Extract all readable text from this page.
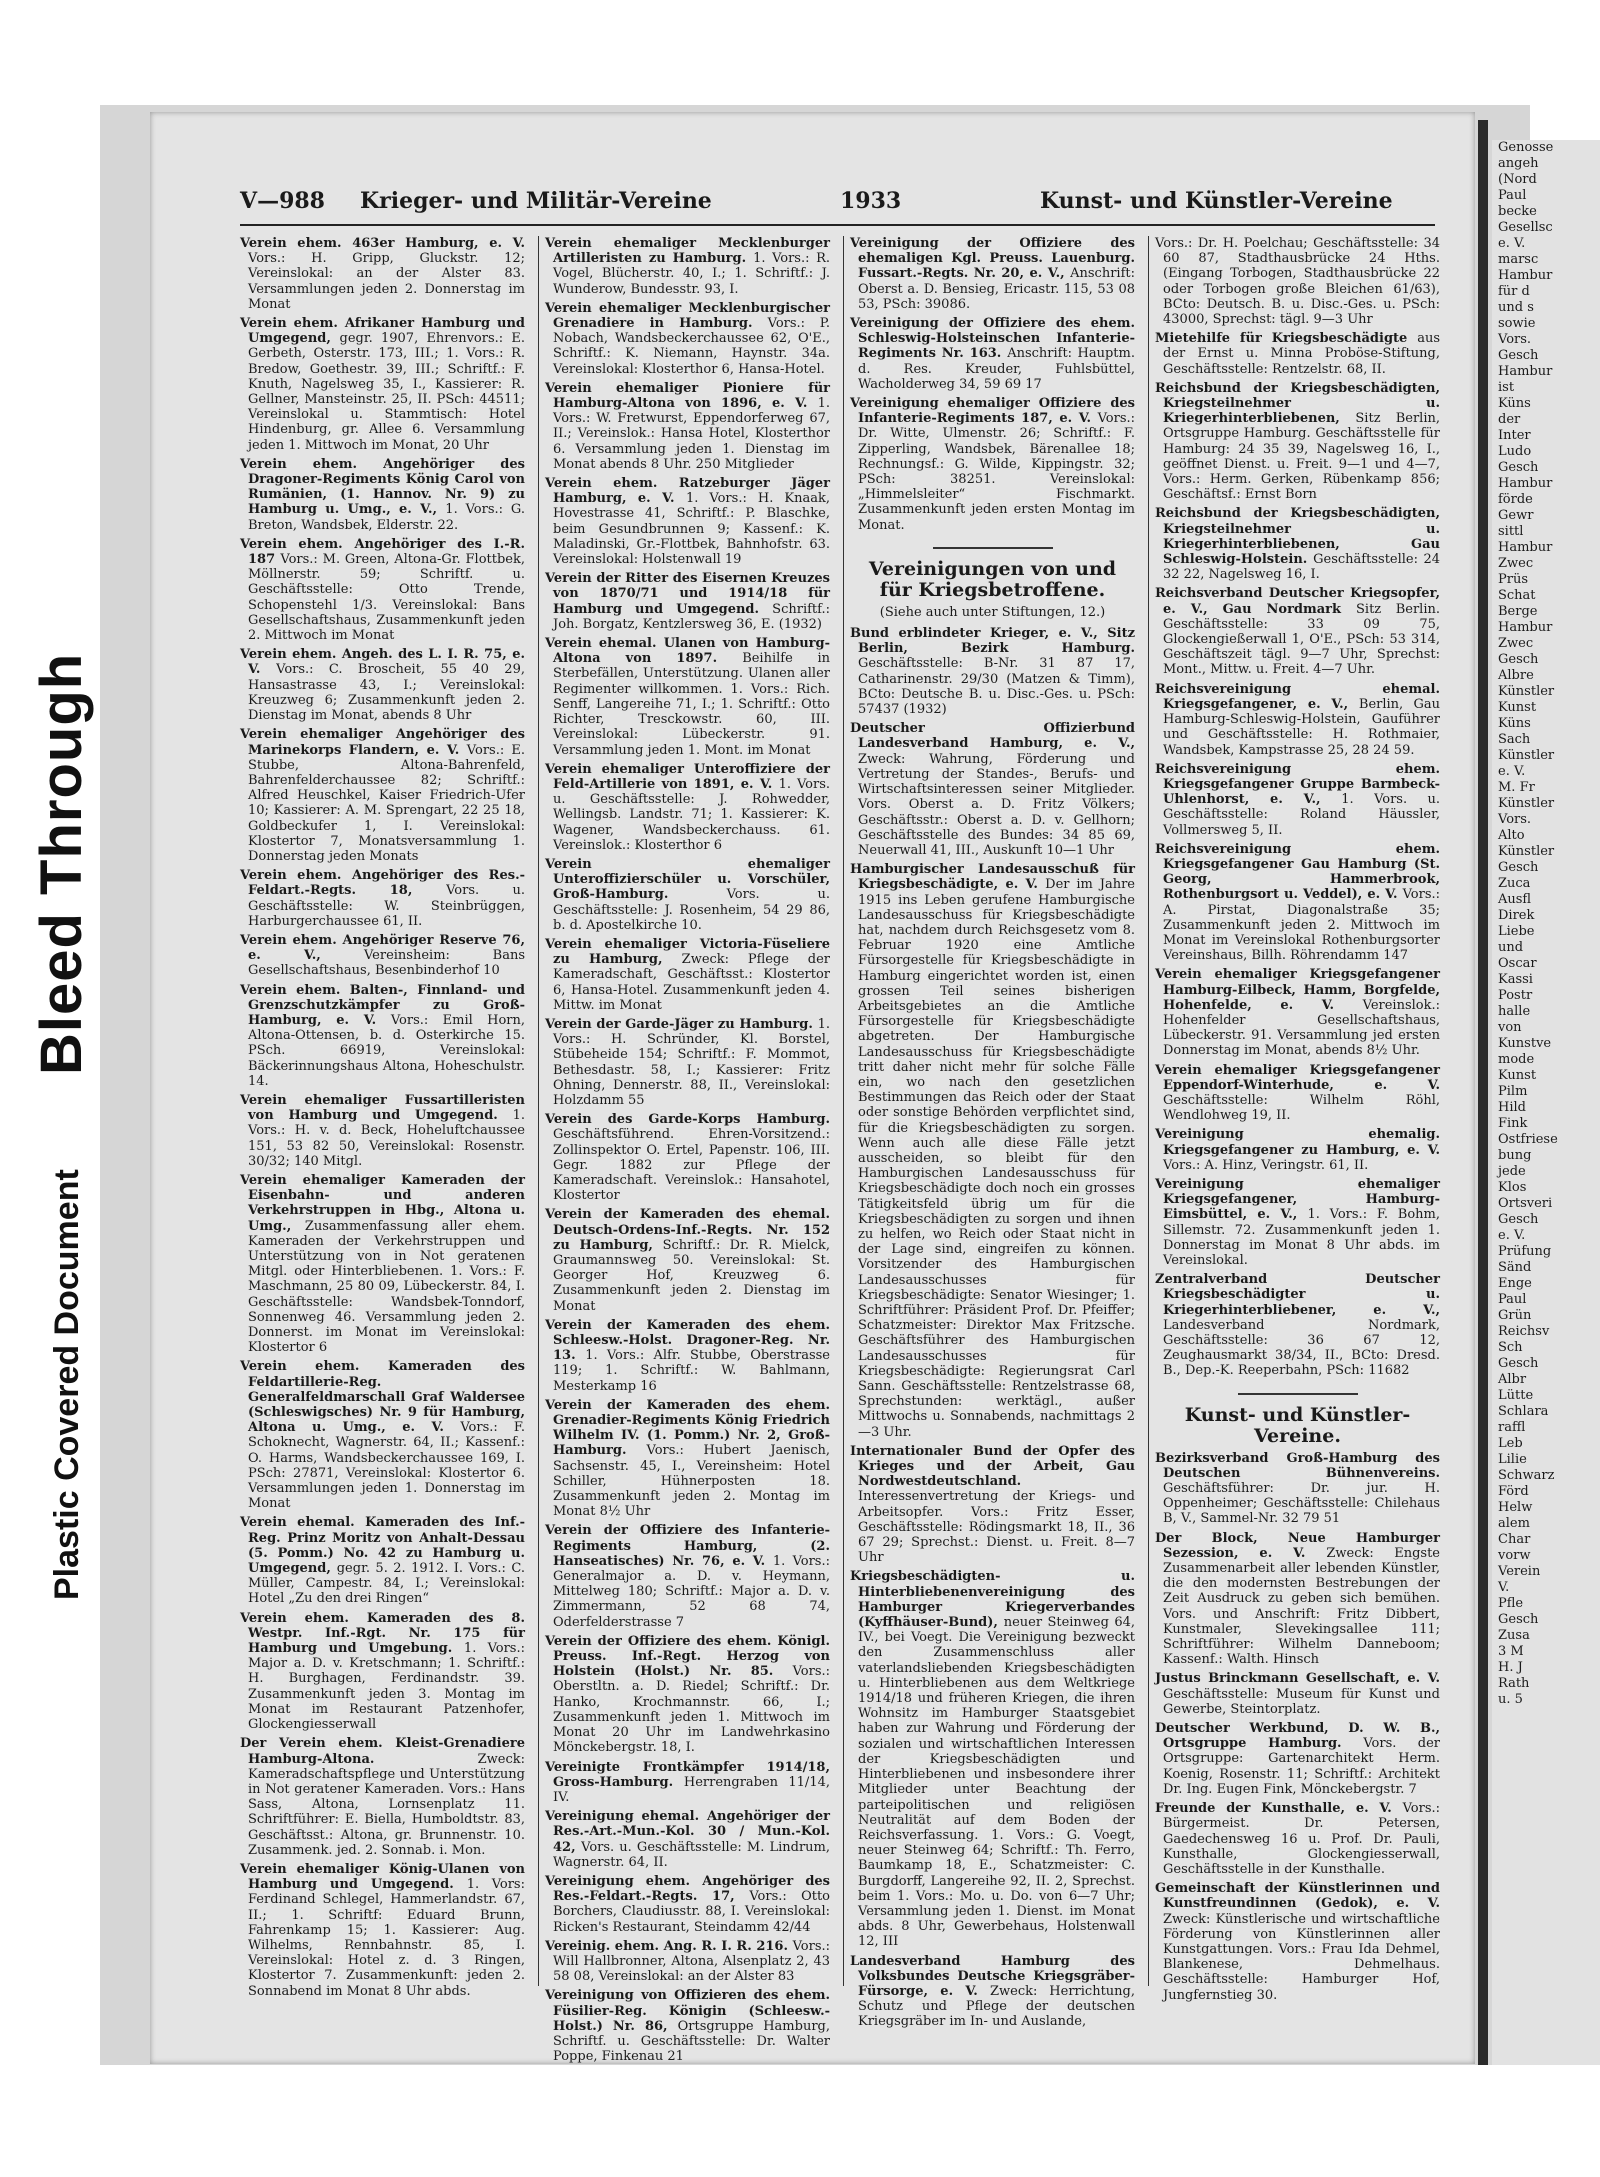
Bleed Through
Plastic Covered Document
Genosse
angeh
(Nord
Paul
becke
Gesellsc
e. V.
marsc
Hambur
für d
und s
sowie
Vors.
Gesch
Hambur
ist
Küns
der
Inter
Ludo
Gesch
Hambur
förde
Gewr
sittl
Hambur
Zwec
Prüs
Schat
Berge
Hambur
Zwec
Gesch
Albre
Künstler
Kunst
Küns
Sach
Künstler
e. V.
M. Fr
Künstler
Vors.
Alto
Künstler
Gesch
Zuca
Ausfl
Direk
Liebe
und
Oscar
Kassi
Postr
halle
von
Kunstve
mode
Kunst
Pilm
Hild
Fink
Ostfriese
bung
jede
Klos
Ortsveri
Gesch
e. V.
Prüfung
Sänd
Enge
Paul
Grün
Reichsv
Sch
Gesch
Albr
Lütte
Schlara
raffl
Leb
Lilie
Schwarz
Förd
Helw
alem
Char
vorw
Verein
V.
Pfle
Gesch
Zusa
3 M
H. J
Rath
u. 5
V—988 Krieger- und Militär-Vereine	1933	Kunst- und Künstler-Vereine
Verein ehem. 463er Hamburg, e. V. Vors.: H. Gripp, Gluckstr. 12; Vereinslokal: an der Alster 83. Versammlungen jeden 2. Donnerstag im Monat
Verein ehem. Afrikaner Hamburg und Umgegend, gegr. 1907, Ehrenvors.: E. Gerbeth, Osterstr. 173, III.; 1. Vors.: R. Bredow, Goethestr. 39, III.; Schriftf.: F. Knuth, Nagelsweg 35, I., Kassierer: R. Gellner, Mansteinstr. 25, II. PSch: 44511; Vereinslokal u. Stammtisch: Hotel Hindenburg, gr. Allee 6. Versammlung jeden 1. Mittwoch im Monat, 20 Uhr
Verein ehem. Angehöriger des Dragoner-Regiments König Carol von Rumänien, (1. Hannov. Nr. 9) zu Hamburg u. Umg., e. V., 1. Vors.: G. Breton, Wandsbek, Elderstr. 22.
Verein ehem. Angehöriger des I.-R. 187 Vors.: M. Green, Altona-Gr. Flottbek, Möllnerstr. 59; Schriftf. u. Geschäftsstelle: Otto Trende, Schopenstehl 1/3. Vereinslokal: Bans Gesellschaftshaus, Zusammenkunft jeden 2. Mittwoch im Monat
Verein ehem. Angeh. des L. I. R. 75, e. V. Vors.: C. Broscheit, 55 40 29, Hansastrasse 43, I.; Vereinslokal: Kreuzweg 6; Zusammenkunft jeden 2. Dienstag im Monat, abends 8 Uhr
Verein ehemaliger Angehöriger des Marinekorps Flandern, e. V. Vors.: E. Stubbe, Altona-Bahrenfeld, Bahrenfelderchaussee 82; Schriftf.: Alfred Heuschkel, Kaiser Friedrich-Ufer 10; Kassierer: A. M. Sprengart, 22 25 18, Goldbeckufer 1, I. Vereinslokal: Klostertor 7, Monatsversammlung 1. Donnerstag jeden Monats
Verein ehem. Angehöriger des Res.-Feldart.-Regts. 18, Vors. u. Geschäftsstelle: W. Steinbrüggen, Harburgerchaussee 61, II.
Verein ehem. Angehöriger Reserve 76, e. V., Vereinsheim: Bans Gesellschaftshaus, Besenbinderhof 10
Verein ehem. Balten-, Finnland- und Grenzschutzkämpfer zu Groß-Hamburg, e. V. Vors.: Emil Horn, Altona-Ottensen, b. d. Osterkirche 15. PSch. 66919, Vereinslokal: Bäckerinnungshaus Altona, Hoheschulstr. 14.
Verein ehemaliger Fussartilleristen von Hamburg und Umgegend. 1. Vors.: H. v. d. Beck, Hoheluftchaussee 151, 53 82 50, Vereinslokal: Rosenstr. 30/32; 140 Mitgl.
Verein ehemaliger Kameraden der Eisenbahn- und anderen Verkehrstruppen in Hbg., Altona u. Umg., Zusammenfassung aller ehem. Kameraden der Verkehrstruppen und Unterstützung von in Not geratenen Mitgl. oder Hinterbliebenen. 1. Vors.: F. Maschmann, 25 80 09, Lübeckerstr. 84, I. Geschäftsstelle: Wandsbek-Tonndorf, Sonnenweg 46. Versammlung jeden 2. Donnerst. im Monat im Vereinslokal: Klostertor 6
Verein ehem. Kameraden des Feldartillerie-Reg. Generalfeldmarschall Graf Waldersee (Schleswigsches) Nr. 9 für Hamburg, Altona u. Umg., e. V. Vors.: F. Schoknecht, Wagnerstr. 64, II.; Kassenf.: O. Harms, Wandsbeckerchaussee 169, I. PSch: 27871, Vereinslokal: Klostertor 6. Versammlungen jeden 1. Donnerstag im Monat
Verein ehemal. Kameraden des Inf.-Reg. Prinz Moritz von Anhalt-Dessau (5. Pomm.) No. 42 zu Hamburg u. Umgegend, gegr. 5. 2. 1912. I. Vors.: C. Müller, Campestr. 84, I.; Vereinslokal: Hotel „Zu den drei Ringen“
Verein ehem. Kameraden des 8. Westpr. Inf.-Rgt. Nr. 175 für Hamburg und Umgebung. 1. Vors.: Major a. D. v. Kretschmann; 1. Schriftf.: H. Burghagen, Ferdinandstr. 39. Zusammenkunft jeden 3. Montag im Monat im Restaurant Patzenhofer, Glockengiesserwall
Der Verein ehem. Kleist-Grenadiere Hamburg-Altona. Zweck: Kameradschaftspflege und Unterstützung in Not geratener Kameraden. Vors.: Hans Sass, Altona, Lornsenplatz 11. Schriftführer: E. Biella, Humboldtstr. 83, Geschäftsst.: Altona, gr. Brunnenstr. 10. Zusammenk. jed. 2. Sonnab. i. Mon.
Verein ehemaliger König-Ulanen von Hamburg und Umgegend. 1. Vors: Ferdinand Schlegel, Hammerlandstr. 67, II.; 1. Schriftf: Eduard Brunn, Fahrenkamp 15; 1. Kassierer: Aug. Wilhelms, Rennbahnstr. 85, I. Vereinslokal: Hotel z. d. 3 Ringen, Klostertor 7. Zusammenkunft: jeden 2. Sonnabend im Monat 8 Uhr abds.
Verein ehemaliger Mecklenburger Artilleristen zu Hamburg. 1. Vors.: R. Vogel, Blücherstr. 40, I.; 1. Schriftf.: J. Wunderow, Bundesstr. 93, I.
Verein ehemaliger Mecklenburgischer Grenadiere in Hamburg. Vors.: P. Nobach, Wandsbeckerchaussee 62, O'E., Schriftf.: K. Niemann, Haynstr. 34a. Vereinslokal: Klosterthor 6, Hansa-Hotel.
Verein ehemaliger Pioniere für Hamburg-Altona von 1896, e. V. 1. Vors.: W. Fretwurst, Eppendorferweg 67, II.; Vereinslok.: Hansa Hotel, Klosterthor 6. Versammlung jeden 1. Dienstag im Monat abends 8 Uhr. 250 Mitglieder
Verein ehem. Ratzeburger Jäger Hamburg, e. V. 1. Vors.: H. Knaak, Hovestrasse 41, Schriftf.: P. Blaschke, beim Gesundbrunnen 9; Kassenf.: K. Maladinski, Gr.-Flottbek, Bahnhofstr. 63. Vereinslokal: Holstenwall 19
Verein der Ritter des Eisernen Kreuzes von 1870/71 und 1914/18 für Hamburg und Umgegend. Schriftf.: Joh. Borgatz, Kentzlersweg 36, E. (1932)
Verein ehemal. Ulanen von Hamburg-Altona von 1897. Beihilfe in Sterbefällen, Unterstützung. Ulanen aller Regimenter willkommen. 1. Vors.: Rich. Senff, Langereihe 71, I.; 1. Schriftf.: Otto Richter, Tresckowstr. 60, III. Vereinslokal: Lübeckerstr. 91. Versammlung jeden 1. Mont. im Monat
Verein ehemaliger Unteroffiziere der Feld-Artillerie von 1891, e. V. 1. Vors. u. Geschäftsstelle: J. Rohwedder, Wellingsb. Landstr. 71; 1. Kassierer: K. Wagener, Wandsbeckerchauss. 61. Vereinslok.: Klosterthor 6
Verein ehemaliger Unteroffizierschüler u. Vorschüler, Groß-Hamburg. Vors. u. Geschäftsstelle: J. Rosenheim, 54 29 86, b. d. Apostelkirche 10.
Verein ehemaliger Victoria-Füseliere zu Hamburg, Zweck: Pflege der Kameradschaft, Geschäftsst.: Klostertor 6, Hansa-Hotel. Zusammenkunft jeden 4. Mittw. im Monat
Verein der Garde-Jäger zu Hamburg. 1. Vors.: H. Schründer, Kl. Borstel, Stübeheide 154; Schriftf.: F. Mommot, Bethesdastr. 58, I.; Kassierer: Fritz Ohning, Dennerstr. 88, II., Vereinslokal: Holzdamm 55
Verein des Garde-Korps Hamburg. Geschäftsführend. Ehren-Vorsitzend.: Zollinspektor O. Ertel, Papenstr. 106, III. Gegr. 1882 zur Pflege der Kameradschaft. Vereinslok.: Hansahotel, Klostertor
Verein der Kameraden des ehemal. Deutsch-Ordens-Inf.-Regts. Nr. 152 zu Hamburg, Schriftf.: Dr. R. Mielck, Graumannsweg 50. Vereinslokal: St. Georger Hof, Kreuzweg 6. Zusammenkunft jeden 2. Dienstag im Monat
Verein der Kameraden des ehem. Schleesw.-Holst. Dragoner-Reg. Nr. 13. 1. Vors.: Alfr. Stubbe, Oberstrasse 119; 1. Schriftf.: W. Bahlmann, Mesterkamp 16
Verein der Kameraden des ehem. Grenadier-Regiments König Friedrich Wilhelm IV. (1. Pomm.) Nr. 2, Groß-Hamburg. Vors.: Hubert Jaenisch, Sachsenstr. 45, I., Vereinsheim: Hotel Schiller, Hühnerposten 18. Zusammenkunft jeden 2. Montag im Monat 8½ Uhr
Verein der Offiziere des Infanterie-Regiments Hamburg, (2. Hanseatisches) Nr. 76, e. V. 1. Vors.: Generalmajor a. D. v. Heymann, Mittelweg 180; Schriftf.: Major a. D. v. Zimmermann, 52 68 74, Oderfelderstrasse 7
Verein der Offiziere des ehem. Königl. Preuss. Inf.-Regt. Herzog von Holstein (Holst.) Nr. 85. Vors.: Oberstltn. a. D. Riedel; Schriftf.: Dr. Hanko, Krochmannstr. 66, I.; Zusammenkunft jeden 1. Mittwoch im Monat 20 Uhr im Landwehrkasino Mönckebergstr. 18, I.
Vereinigte Frontkämpfer 1914/18, Gross-Hamburg. Herrengraben 11/14, IV.
Vereinigung ehemal. Angehöriger der Res.-Art.-Mun.-Kol. 30 / Mun.-Kol. 42, Vors. u. Geschäftsstelle: M. Lindrum, Wagnerstr. 64, II.
Vereinigung ehem. Angehöriger des Res.-Feldart.-Regts. 17, Vors.: Otto Borchers, Claudiusstr. 88, I. Vereinslokal: Ricken's Restaurant, Steindamm 42/44
Vereinig. ehem. Ang. R. I. R. 216. Vors.: Will Hallbronner, Altona, Alsenplatz 2, 43 58 08, Vereinslokal: an der Alster 83
Vereinigung von Offizieren des ehem. Füsilier-Reg. Königin (Schleesw.-Holst.) Nr. 86, Ortsgruppe Hamburg, Schriftf. u. Geschäftsstelle: Dr. Walter Poppe, Finkenau 21
Vereinigung der Offiziere des ehemaligen Kgl. Preuss. Lauenburg. Fussart.-Regts. Nr. 20, e. V., Anschrift: Oberst a. D. Bensieg, Ericastr. 115, 53 08 53, PSch: 39086.
Vereinigung der Offiziere des ehem. Schleswig-Holsteinschen Infanterie-Regiments Nr. 163. Anschrift: Hauptm. d. Res. Kreuder, Fuhlsbüttel, Wacholderweg 34, 59 69 17
Vereinigung ehemaliger Offiziere des Infanterie-Regiments 187, e. V. Vors.: Dr. Witte, Ulmenstr. 26; Schriftf.: F. Zipperling, Wandsbek, Bärenallee 18; Rechnungsf.: G. Wilde, Kippingstr. 32; PSch: 38251. Vereinslokal: „Himmelsleiter“ Fischmarkt. Zusammenkunft jeden ersten Montag im Monat.
Vereinigungen von und für Kriegsbetroffene.
(Siehe auch unter Stiftungen, 12.)
Bund erblindeter Krieger, e. V., Sitz Berlin, Bezirk Hamburg. Geschäftsstelle: B-Nr. 31 87 17, Catharinenstr. 29/30 (Matzen & Timm), BCto: Deutsche B. u. Disc.-Ges. u. PSch: 57437 (1932)
Deutscher Offizierbund Landesverband Hamburg, e. V., Zweck: Wahrung, Förderung und Vertretung der Standes-, Berufs- und Wirtschaftsinteressen seiner Mitglieder. Vors. Oberst a. D. Fritz Völkers; Geschäftsstr.: Oberst a. D. v. Gellhorn; Geschäftsstelle des Bundes: 34 85 69, Neuerwall 41, III., Auskunft 10—1 Uhr
Hamburgischer Landesausschuß für Kriegsbeschädigte, e. V. Der im Jahre 1915 ins Leben gerufene Hamburgische Landesausschuss für Kriegsbeschädigte hat, nachdem durch Reichsgesetz vom 8. Februar 1920 eine Amtliche Fürsorgestelle für Kriegsbeschädigte in Hamburg eingerichtet worden ist, einen grossen Teil seines bisherigen Arbeitsgebietes an die Amtliche Fürsorgestelle für Kriegsbeschädigte abgetreten. Der Hamburgische Landesausschuss für Kriegsbeschädigte tritt daher nicht mehr für solche Fälle ein, wo nach den gesetzlichen Bestimmungen das Reich oder der Staat oder sonstige Behörden verpflichtet sind, für die Kriegsbeschädigten zu sorgen. Wenn auch alle diese Fälle jetzt ausscheiden, so bleibt für den Hamburgischen Landesausschuss für Kriegsbeschädigte doch noch ein grosses Tätigkeitsfeld übrig um für die Kriegsbeschädigten zu sorgen und ihnen zu helfen, wo Reich oder Staat nicht in der Lage sind, eingreifen zu können. Vorsitzender des Hamburgischen Landesausschusses für Kriegsbeschädigte: Senator Wiesinger; 1. Schriftführer: Präsident Prof. Dr. Pfeiffer; Schatzmeister: Direktor Max Fritzsche. Geschäftsführer des Hamburgischen Landesausschusses für Kriegsbeschädigte: Regierungsrat Carl Sann. Geschäftsstelle: Rentzelstrasse 68, Sprechstunden: werktägl., außer Mittwochs u. Sonnabends, nachmittags 2—3 Uhr.
Internationaler Bund der Opfer des Krieges und der Arbeit, Gau Nordwestdeutschland. Interessenvertretung der Kriegs- und Arbeitsopfer. Vors.: Fritz Esser, Geschäftsstelle: Rödingsmarkt 18, II., 36 67 29; Sprechst.: Dienst. u. Freit. 8—7 Uhr
Kriegsbeschädigten- u. Hinterbliebenenvereinigung des Hamburger Kriegerverbandes (Kyffhäuser-Bund), neuer Steinweg 64, IV., bei Voegt. Die Vereinigung bezweckt den Zusammenschluss aller vaterlandsliebenden Kriegsbeschädigten u. Hinterbliebenen aus dem Weltkriege 1914/18 und früheren Kriegen, die ihren Wohnsitz im Hamburger Staatsgebiet haben zur Wahrung und Förderung der sozialen und wirtschaftlichen Interessen der Kriegsbeschädigten und Hinterbliebenen und insbesondere ihrer Mitglieder unter Beachtung der parteipolitischen und religiösen Neutralität auf dem Boden der Reichsverfassung. 1. Vors.: G. Voegt, neuer Steinweg 64; Schriftf.: Th. Ferro, Baumkamp 18, E., Schatzmeister: C. Burgdorff, Langereihe 92, II. 2, Sprechst. beim 1. Vors.: Mo. u. Do. von 6—7 Uhr; Versammlung jeden 1. Dienst. im Monat abds. 8 Uhr, Gewerbehaus, Holstenwall 12, III
Landesverband Hamburg des Volksbundes Deutsche Kriegsgräber-Fürsorge, e. V. Zweck: Herrichtung, Schutz und Pflege der deutschen Kriegsgräber im In- und Auslande,
Vors.: Dr. H. Poelchau; Geschäftsstelle: 34 60 87, Stadthausbrücke 24 Hths. (Eingang Torbogen, Stadthausbrücke 22 oder Torbogen große Bleichen 61/63), BCto: Deutsch. B. u. Disc.-Ges. u. PSch: 43000, Sprechst: tägl. 9—3 Uhr
Mietehilfe für Kriegsbeschädigte aus der Ernst u. Minna Proböse-Stiftung, Geschäftsstelle: Rentzelstr. 68, II.
Reichsbund der Kriegsbeschädigten, Kriegsteilnehmer u. Kriegerhinterbliebenen, Sitz Berlin, Ortsgruppe Hamburg. Geschäftsstelle für Hamburg: 24 35 39, Nagelsweg 16, I., geöffnet Dienst. u. Freit. 9—1 und 4—7, Vors.: Herm. Gerken, Rübenkamp 856; Geschäftsf.: Ernst Born
Reichsbund der Kriegsbeschädigten, Kriegsteilnehmer u. Kriegerhinterbliebenen, Gau Schleswig-Holstein. Geschäftsstelle: 24 32 22, Nagelsweg 16, I.
Reichsverband Deutscher Kriegsopfer, e. V., Gau Nordmark Sitz Berlin. Geschäftsstelle: 33 09 75, Glockengießerwall 1, O'E., PSch: 53 314, Geschäftszeit tägl. 9—7 Uhr, Sprechst: Mont., Mittw. u. Freit. 4—7 Uhr.
Reichsvereinigung ehemal. Kriegsgefangener, e. V., Berlin, Gau Hamburg-Schleswig-Holstein, Gauführer und Geschäftsstelle: H. Rothmaier, Wandsbek, Kampstrasse 25, 28 24 59.
Reichsvereinigung ehem. Kriegsgefangener Gruppe Barmbeck-Uhlenhorst, e. V., 1. Vors. u. Geschäftsstelle: Roland Häussler, Vollmersweg 5, II.
Reichsvereinigung ehem. Kriegsgefangener Gau Hamburg (St. Georg, Hammerbrook, Rothenburgsort u. Veddel), e. V. Vors.: A. Pirstat, Diagonalstraße 35; Zusammenkunft jeden 2. Mittwoch im Monat im Vereinslokal Rothenburgsorter Vereinshaus, Billh. Röhrendamm 147
Verein ehemaliger Kriegsgefangener Hamburg-Eilbeck, Hamm, Borgfelde, Hohenfelde, e. V. Vereinslok.: Hohenfelder Gesellschaftshaus, Lübeckerstr. 91. Versammlung jed ersten Donnerstag im Monat, abends 8½ Uhr.
Verein ehemaliger Kriegsgefangener Eppendorf-Winterhude, e. V. Geschäftsstelle: Wilhelm Röhl, Wendlohweg 19, II.
Vereinigung ehemalig. Kriegsgefangener zu Hamburg, e. V. Vors.: A. Hinz, Veringstr. 61, II.
Vereinigung ehemaliger Kriegsgefangener, Hamburg-Eimsbüttel, e. V., 1. Vors.: F. Bohm, Sillemstr. 72. Zusammenkunft jeden 1. Donnerstag im Monat 8 Uhr abds. im Vereinslokal.
Zentralverband Deutscher Kriegsbeschädigter u. Kriegerhinterbliebener, e. V., Landesverband Nordmark, Geschäftsstelle: 36 67 12, Zeughausmarkt 38/34, II., BCto: Dresd. B., Dep.-K. Reeperbahn, PSch: 11682
Kunst- und Künstler-Vereine.
Bezirksverband Groß-Hamburg des Deutschen Bühnenvereins. Geschäftsführer: Dr. jur. H. Oppenheimer; Geschäftsstelle: Chilehaus B, V., Sammel-Nr. 32 79 51
Der Block, Neue Hamburger Sezession, e. V. Zweck: Engste Zusammenarbeit aller lebenden Künstler, die den modernsten Bestrebungen der Zeit Ausdruck zu geben sich bemühen. Vors. und Anschrift: Fritz Dibbert, Kunstmaler, Slevekingsallee 111; Schriftführer: Wilhelm Danneboom; Kassenf.: Walth. Hinsch
Justus Brinckmann Gesellschaft, e. V. Geschäftsstelle: Museum für Kunst und Gewerbe, Steintorplatz.
Deutscher Werkbund, D. W. B., Ortsgruppe Hamburg. Vors. der Ortsgruppe: Gartenarchitekt Herm. Koenig, Rosenstr. 11; Schriftf.: Architekt Dr. Ing. Eugen Fink, Mönckebergstr. 7
Freunde der Kunsthalle, e. V. Vors.: Bürgermeist. Dr. Petersen, Gaedechensweg 16 u. Prof. Dr. Pauli, Kunsthalle, Glockengiesserwall, Geschäftsstelle in der Kunsthalle.
Gemeinschaft der Künstlerinnen und Kunstfreundinnen (Gedok), e. V. Zweck: Künstlerische und wirtschaftliche Förderung von Künstlerinnen aller Kunstgattungen. Vors.: Frau Ida Dehmel, Blankenese, Dehmelhaus. Geschäftsstelle: Hamburger Hof, Jungfernstieg 30.
